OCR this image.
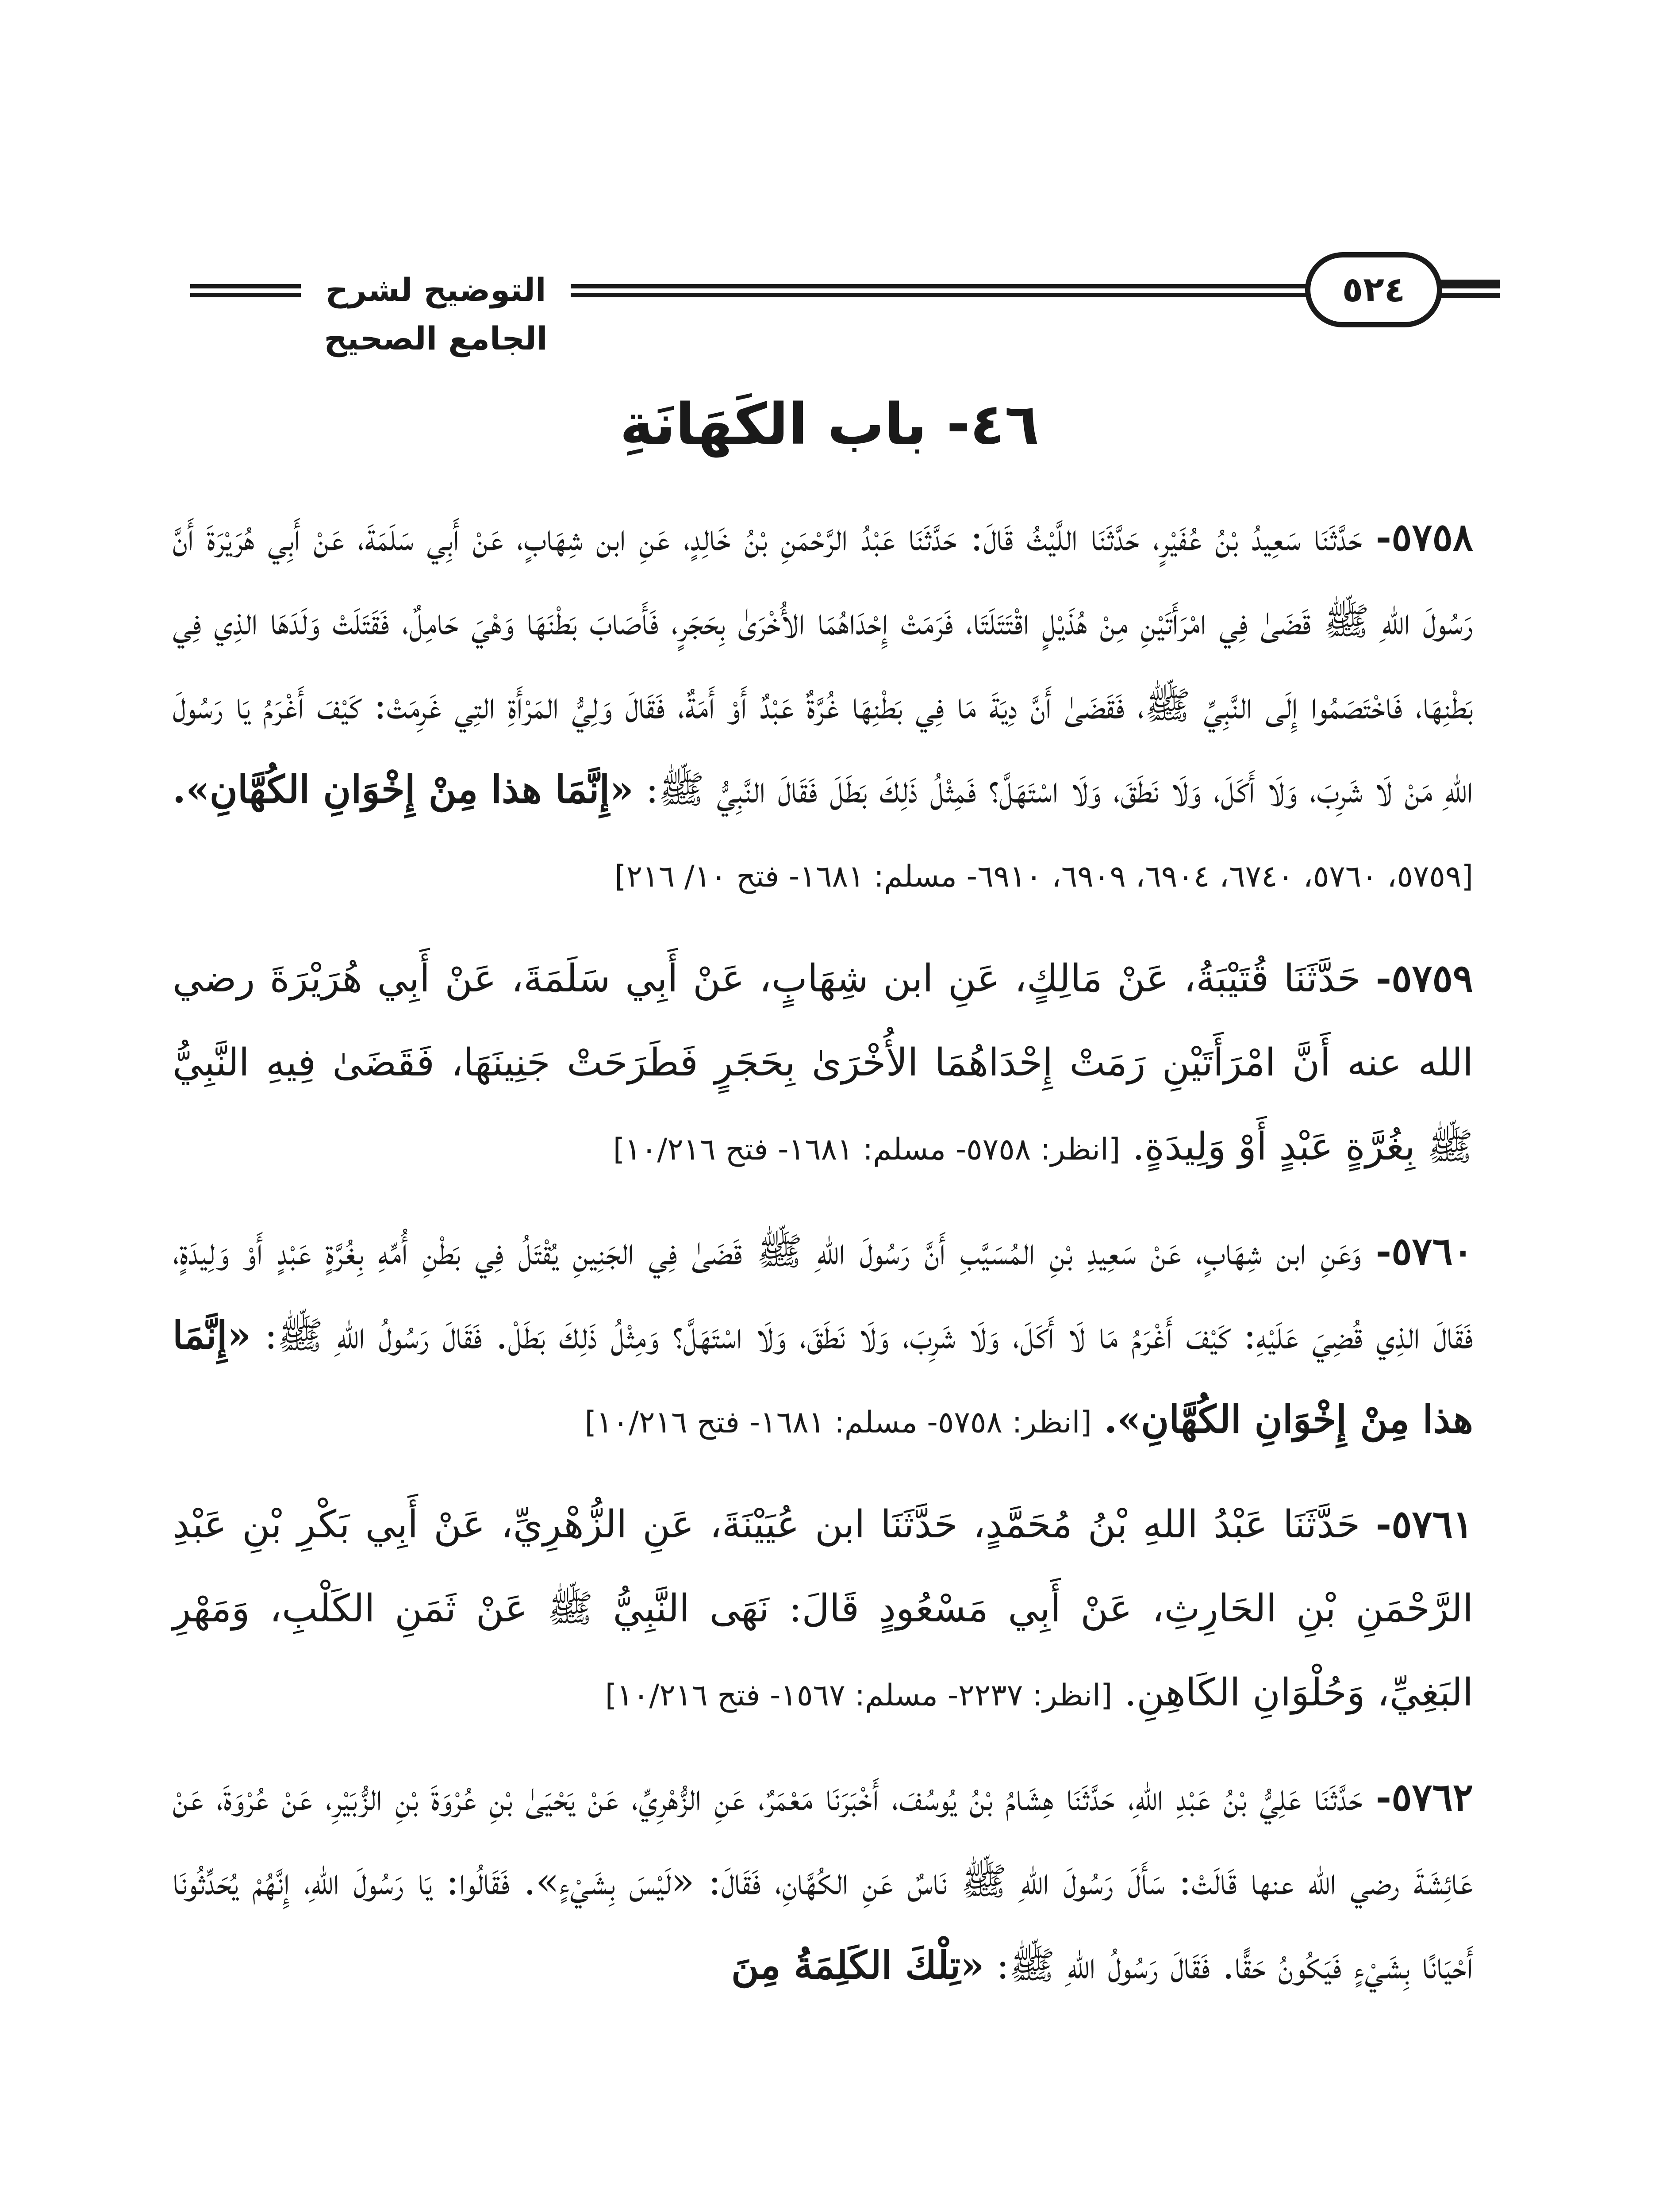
التوضيح لشرح الجامع الصحيح
٥٢٤
٤٦- باب الكَهَانَةِ

٥٧٥٨- حَدَّثَنَا سَعِيدُ بْنُ عُفَيْرٍ، حَدَّثَنَا اللَّيْثُ قَالَ: حَدَّثَنَا عَبْدُ الرَّحْمَنِ بْنُ خَالِدٍ، عَنِ ابن شِهَابٍ، عَنْ أَبِي سَلَمَةَ، عَنْ أَبِي هُرَيْرَةَ أَنَّ رَسُولَ اللهِ ﷺ قَضَىٰ فِي امْرَأَتَيْنِ مِنْ هُذَيْلٍ اقْتَتَلَتَا، فَرَمَتْ إِحْدَاهُمَا الأُخْرَىٰ بِحَجَرٍ، فَأَصَابَ بَطْنَهَا وَهْيَ حَامِلٌ، فَقَتَلَتْ وَلَدَهَا الذِي فِي بَطْنِهَا، فَاخْتَصَمُوا إِلَى النَّبِيِّ ﷺ، فَقَضَىٰ أَنَّ دِيَةَ مَا فِي بَطْنِهَا غُرَّةٌ عَبْدٌ أَوْ أَمَةٌ، فَقَالَ وَلِيُّ المَرْأَةِ التِي غَرِمَتْ: كَيْفَ أَغْرَمُ يَا رَسُولَ اللهِ مَنْ لَا شَرِبَ، وَلَا أَكَلَ، وَلَا نَطَقَ، وَلَا اسْتَهَلَّ؟ فَمِثْلُ ذَلِكَ بَطَلَ فَقَالَ النَّبِيُّ ﷺ: «إِنَّمَا هذا مِنْ إِخْوَانِ الكُهَّانِ». [٥٧٥٩، ٥٧٦٠، ٦٧٤٠، ٦٩٠٤، ٦٩٠٩، ٦٩١٠- مسلم: ١٦٨١- فتح ١٠/ ٢١٦]

٥٧٥٩- حَدَّثَنَا قُتَيْبَةُ، عَنْ مَالِكٍ، عَنِ ابن شِهَابٍ، عَنْ أَبِي سَلَمَةَ، عَنْ أَبِي هُرَيْرَةَ رضي الله عنه أَنَّ امْرَأَتَيْنِ رَمَتْ إِحْدَاهُمَا الأُخْرَىٰ بِحَجَرٍ فَطَرَحَتْ جَنِينَهَا، فَقَضَىٰ فِيهِ النَّبِيُّ ﷺ بِغُرَّةٍ عَبْدٍ أَوْ وَلِيدَةٍ. [انظر: ٥٧٥٨- مسلم: ١٦٨١- فتح ١٠/٢١٦]

٥٧٦٠- وَعَنِ ابن شِهَابٍ، عَنْ سَعِيدِ بْنِ المُسَيَّبِ أَنَّ رَسُولَ اللهِ ﷺ قَضَىٰ فِي الجَنِينِ يُقْتَلُ فِي بَطْنِ أُمِّهِ بِغُرَّةٍ عَبْدٍ أَوْ وَلِيدَةٍ، فَقَالَ الذِي قُضِيَ عَلَيْهِ: كَيْفَ أَغْرَمُ مَا لَا أَكَلَ، وَلَا شَرِبَ، وَلَا نَطَقَ، وَلَا اسْتَهَلَّ؟ وَمِثْلُ ذَلِكَ بَطَلْ. فَقَالَ رَسُولُ اللهِ ﷺ: «إِنَّمَا هذا مِنْ إِخْوَانِ الكُهَّانِ». [انظر: ٥٧٥٨- مسلم: ١٦٨١- فتح ١٠/٢١٦]

٥٧٦١- حَدَّثَنَا عَبْدُ اللهِ بْنُ مُحَمَّدٍ، حَدَّثَنَا ابن عُيَيْنَةَ، عَنِ الزُّهْرِيِّ، عَنْ أَبِي بَكْرِ بْنِ عَبْدِ الرَّحْمَنِ بْنِ الحَارِثِ، عَنْ أَبِي مَسْعُودٍ قَالَ: نَهَى النَّبِيُّ ﷺ عَنْ ثَمَنِ الكَلْبِ، وَمَهْرِ البَغِيِّ، وَحُلْوَانِ الكَاهِنِ. [انظر: ٢٢٣٧- مسلم: ١٥٦٧- فتح ١٠/٢١٦]

٥٧٦٢- حَدَّثَنَا عَلِيُّ بْنُ عَبْدِ اللهِ، حَدَّثَنَا هِشَامُ بْنُ يُوسُفَ، أَخْبَرَنَا مَعْمَرٌ، عَنِ الزُّهْرِيِّ، عَنْ يَحْيَىٰ بْنِ عُرْوَةَ بْنِ الزُّبَيْرِ، عَنْ عُرْوَةَ، عَنْ عَائِشَةَ رضي الله عنها قَالَتْ: سَأَلَ رَسُولَ اللهِ ﷺ نَاسٌ عَنِ الكُهَّانِ، فَقَالَ: «لَيْسَ بِشَيْءٍ». فَقَالُوا: يَا رَسُولَ اللهِ، إِنَّهُمْ يُحَدِّثُونَا أَحْيَانًا بِشَيْءٍ فَيَكُونُ حَقًّا. فَقَالَ رَسُولُ اللهِ ﷺ: «تِلْكَ الكَلِمَةُ مِنَ
